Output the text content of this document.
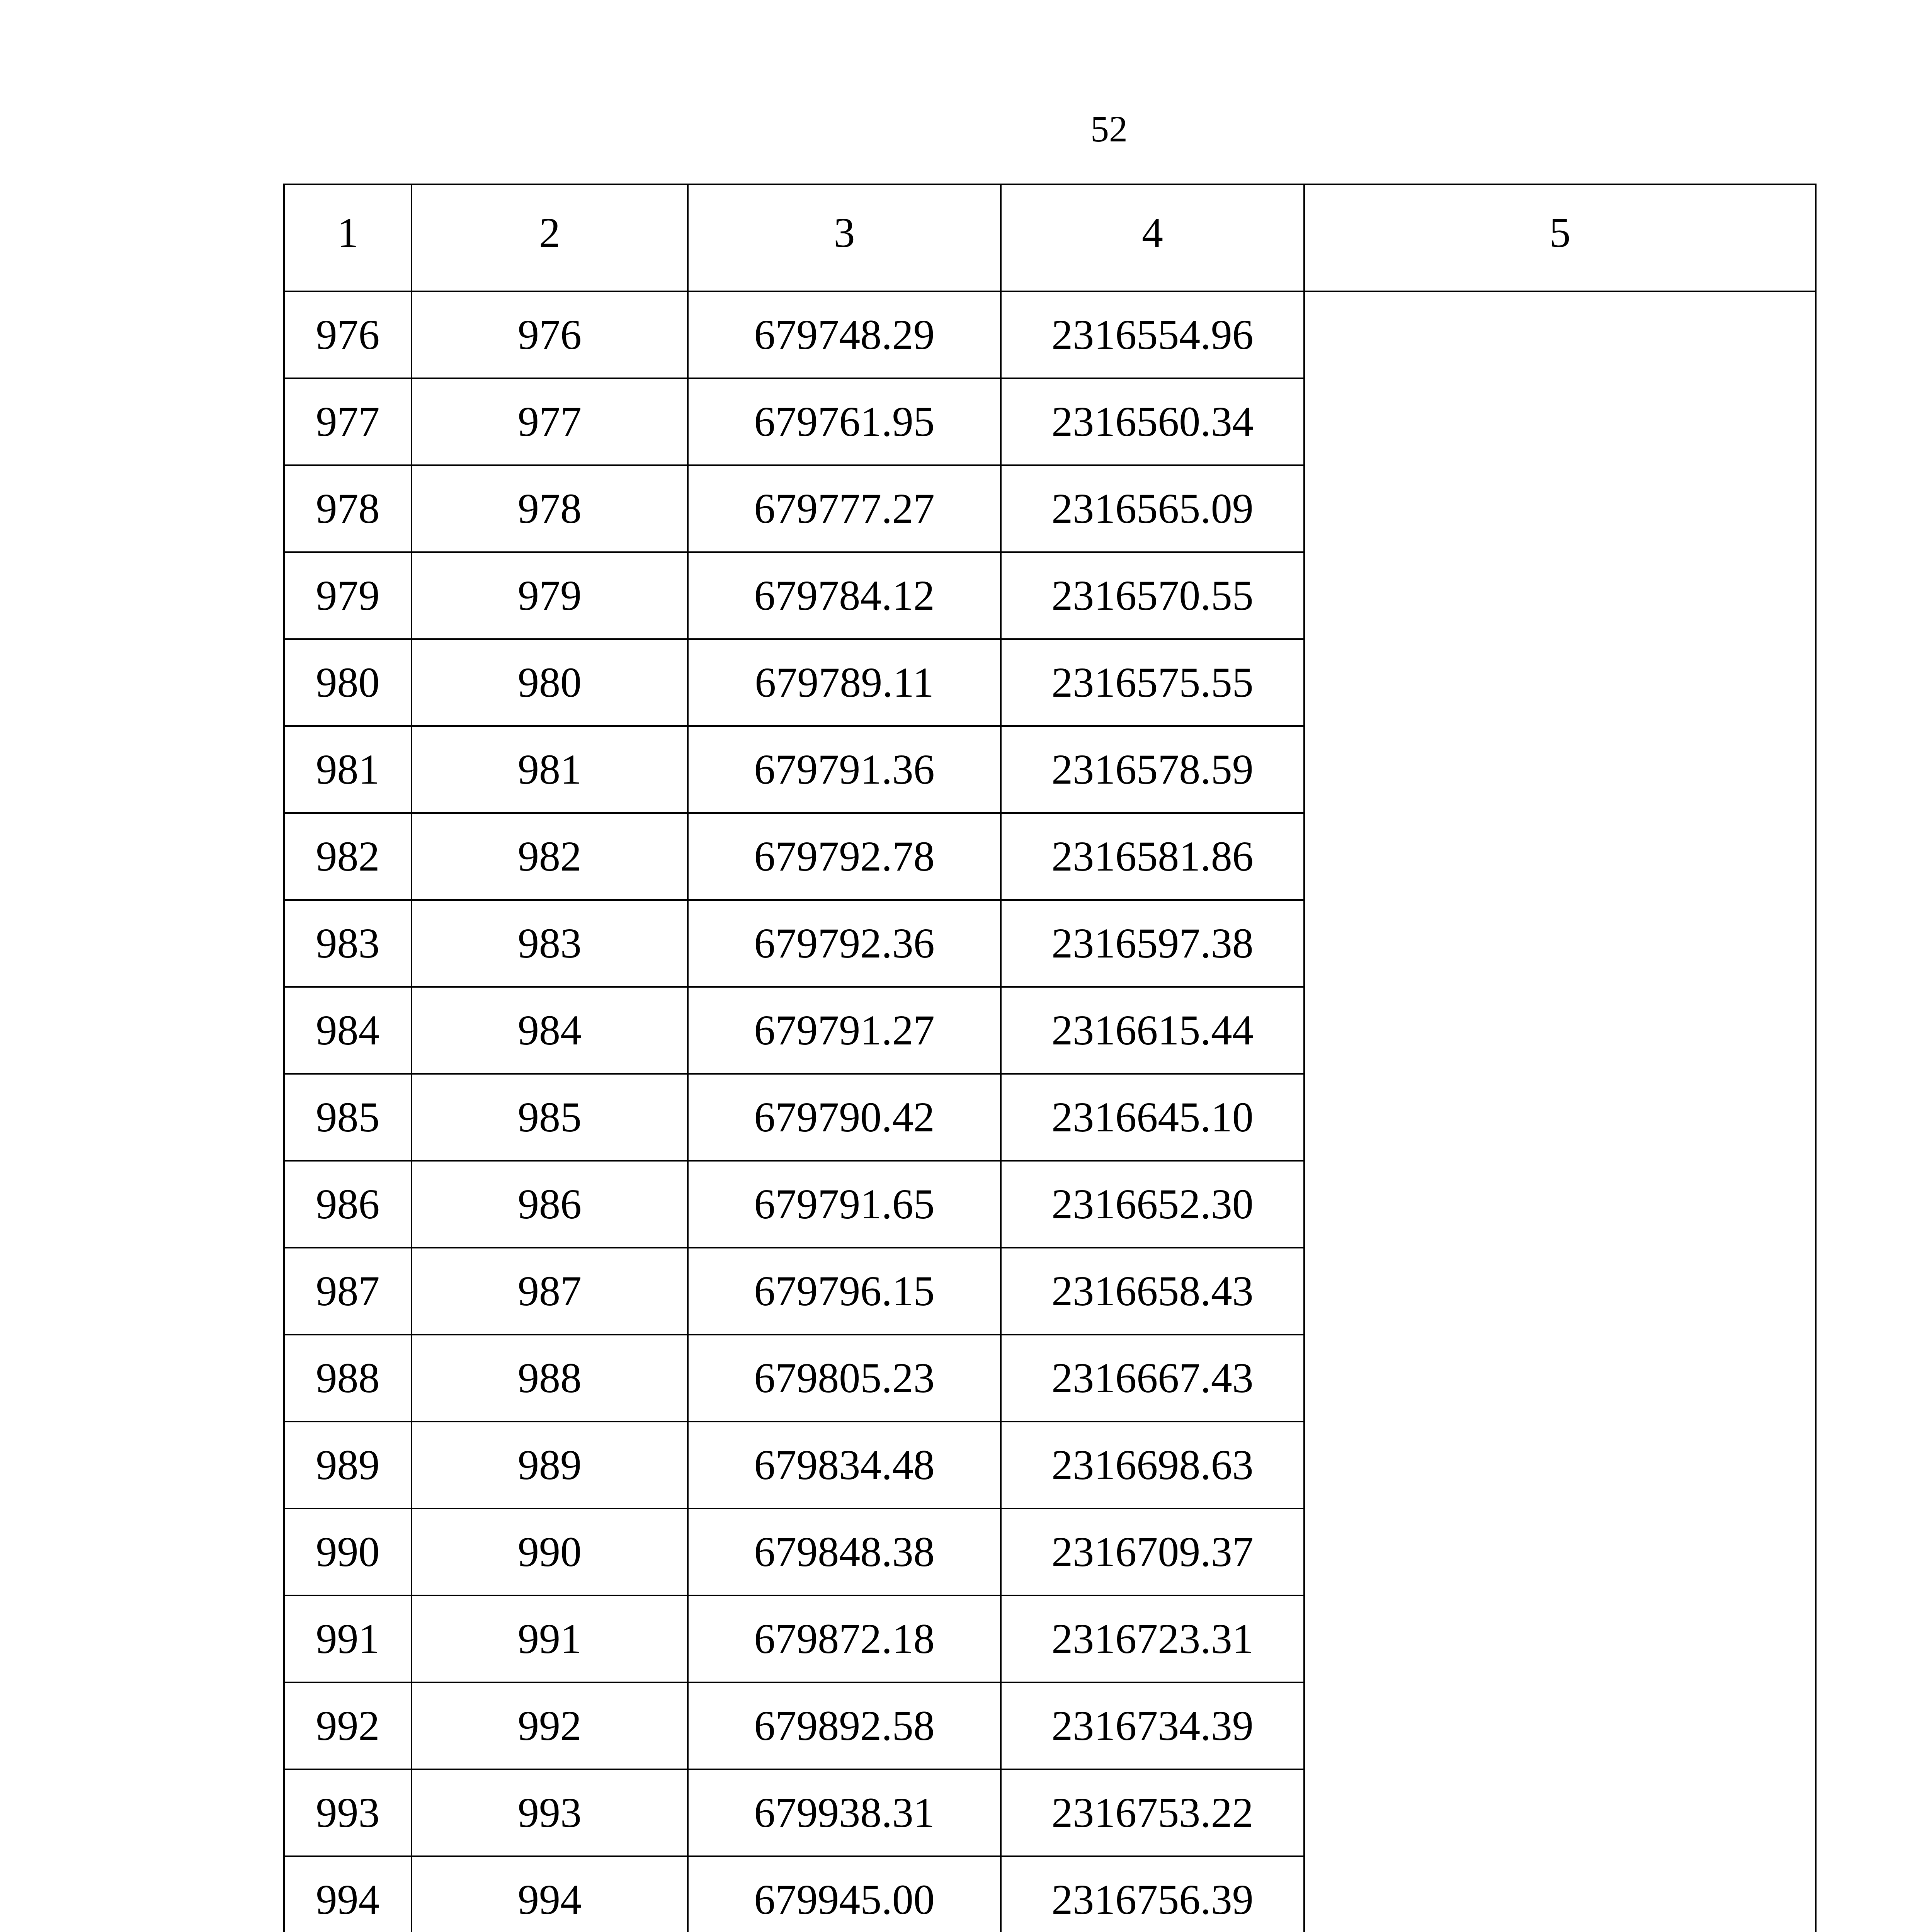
52
1	2	3	4	5
976	976	679748.29	2316554.96	
977	977	679761.95	2316560.34	
978	978	679777.27	2316565.09	
979	979	679784.12	2316570.55	
980	980	679789.11	2316575.55	
981	981	679791.36	2316578.59	
982	982	679792.78	2316581.86	
983	983	679792.36	2316597.38	
984	984	679791.27	2316615.44	
985	985	679790.42	2316645.10	
986	986	679791.65	2316652.30	
987	987	679796.15	2316658.43	
988	988	679805.23	2316667.43	
989	989	679834.48	2316698.63	
990	990	679848.38	2316709.37	
991	991	679872.18	2316723.31	
992	992	679892.58	2316734.39	
993	993	679938.31	2316753.22	
994	994	679945.00	2316756.39	
